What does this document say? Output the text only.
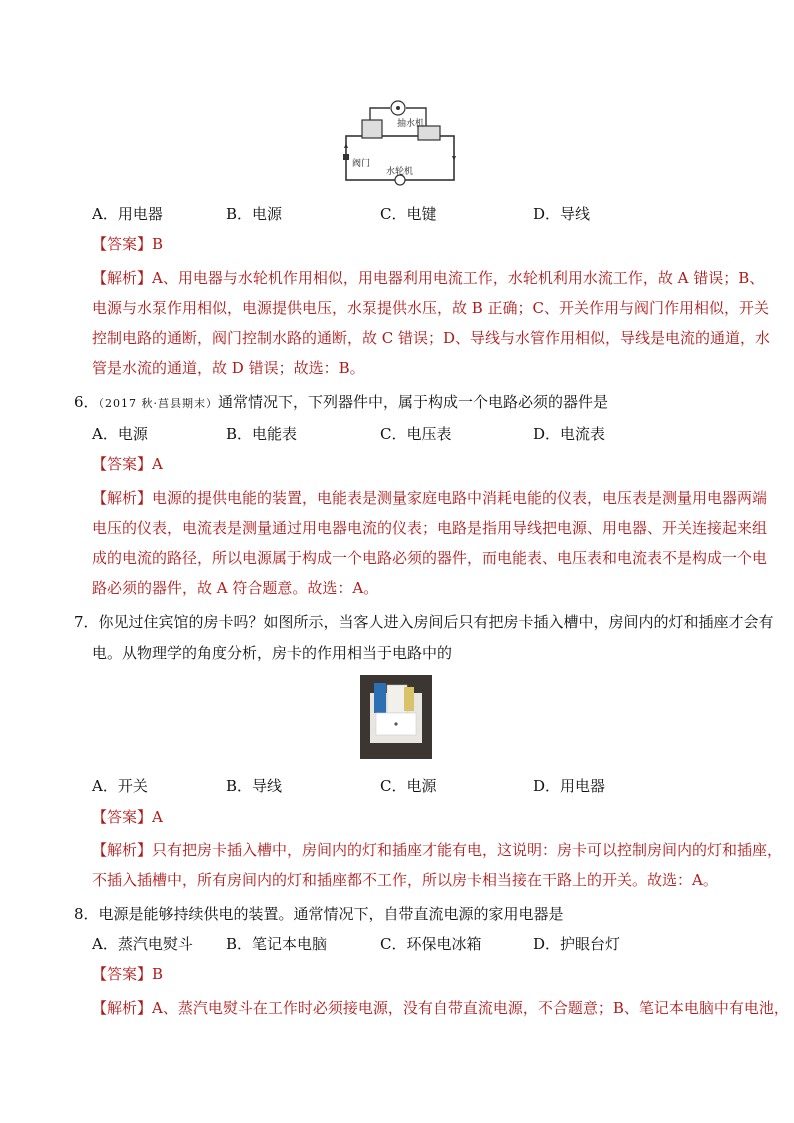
抽水机
阀门
水轮机
A．用电器	B．电源	C．电键	D．导线
【答案】B
【解析】A、用电器与水轮机作用相似，用电器利用电流工作，水轮机利用水流工作，故 A 错误；B、
电源与水泵作用相似，电源提供电压，水泵提供水压，故 B 正确；C、开关作用与阀门作用相似，开关
控制电路的通断，阀门控制水路的通断，故 C 错误；D、导线与水管作用相似，导线是电流的通道，水
管是水流的通道，故 D 错误；故选：B。
6．（2017 秋·莒县期末）通常情况下，下列器件中，属于构成一个电路必须的器件是
A．电源	B．电能表	C．电压表	D．电流表
【答案】A
【解析】电源的提供电能的装置，电能表是测量家庭电路中消耗电能的仪表，电压表是测量用电器两端
电压的仪表，电流表是测量通过用电器电流的仪表；电路是指用导线把电源、用电器、开关连接起来组
成的电流的路径，所以电源属于构成一个电路必须的器件，而电能表、电压表和电流表不是构成一个电
路必须的器件，故 A 符合题意。故选：A。
7．你见过住宾馆的房卡吗？如图所示，当客人进入房间后只有把房卡插入槽中，房间内的灯和插座才会有
电。从物理学的角度分析，房卡的作用相当于电路中的
A．开关	B．导线	C．电源	D．用电器
【答案】A
【解析】只有把房卡插入槽中，房间内的灯和插座才能有电，这说明：房卡可以控制房间内的灯和插座，
不插入插槽中，所有房间内的灯和插座都不工作，所以房卡相当接在干路上的开关。故选：A。
8．电源是能够持续供电的装置。通常情况下，自带直流电源的家用电器是
A．蒸汽电熨斗 B．笔记本电脑	C．环保电冰箱	D．护眼台灯
【答案】B
【解析】A、蒸汽电熨斗在工作时必须接电源，没有自带直流电源，不合题意；B、笔记本电脑中有电池，
